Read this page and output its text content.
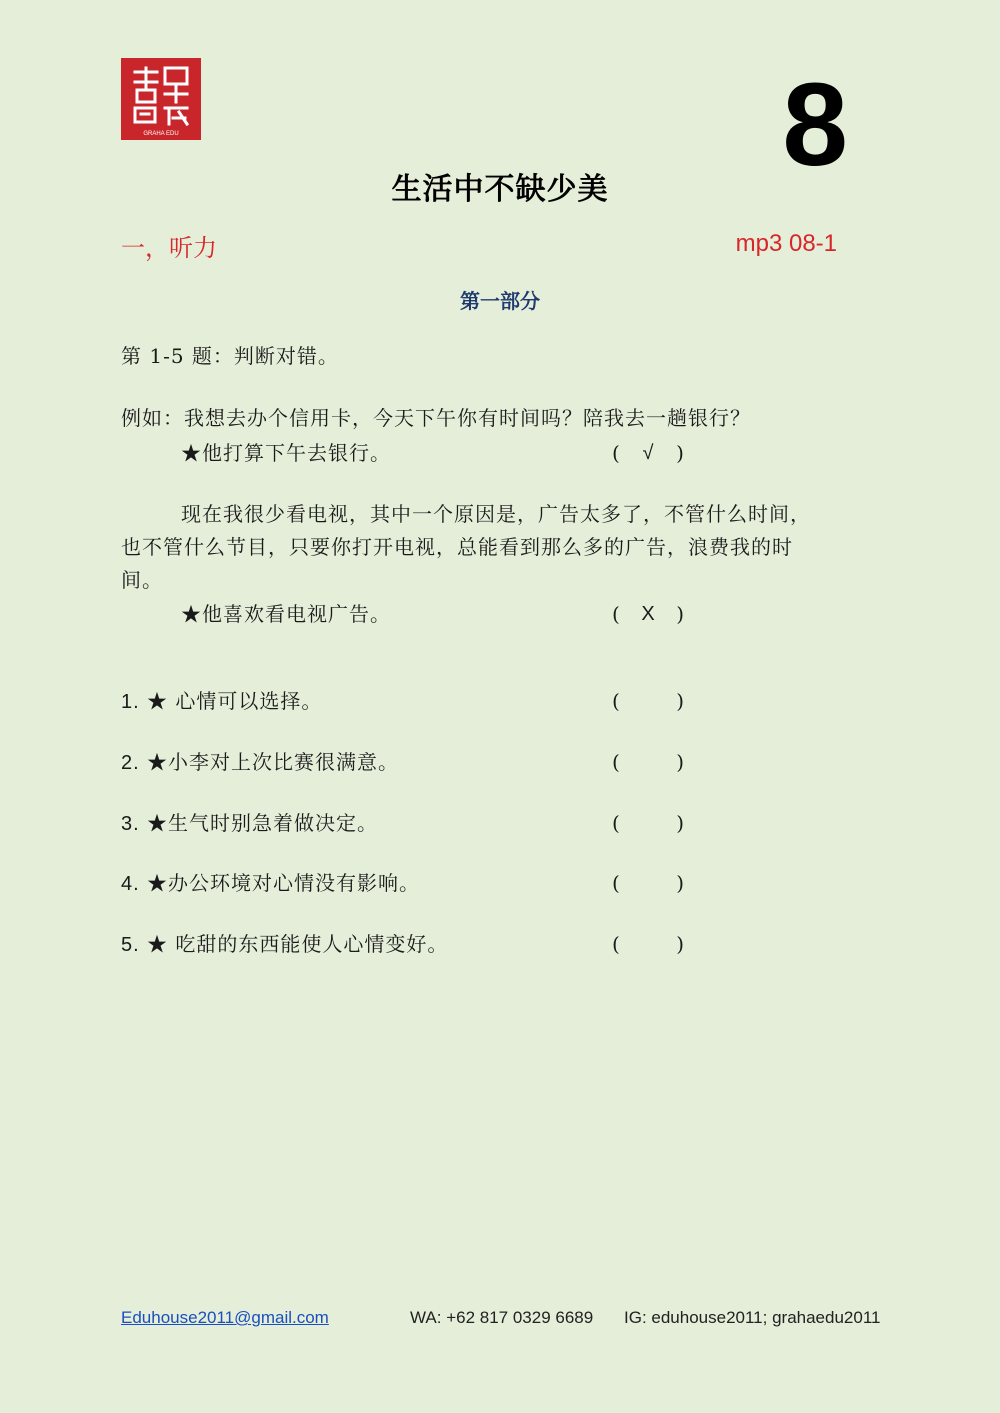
GRAHA EDU	8
生活中不缺少美
一，听力	mp3 08-1
第一部分
第 1-5 题：判断对错。
例如：我想去办个信用卡，今天下午你有时间吗？陪我去一趟银行？
★他打算下午去银行。	( √ )
现在我很少看电视，其中一个原因是，广告太多了，不管什么时间，
也不管什么节目，只要你打开电视，总能看到那么多的广告，浪费我的时
间。
★他喜欢看电视广告。	( X )
1. ★ 心情可以选择。	(	)
2. ★小李对上次比赛很满意。	(	)
3. ★生气时别急着做决定。	(	)
4. ★办公环境对心情没有影响。	(	)
5. ★ 吃甜的东西能使人心情变好。	(	)
Eduhouse2011@gmail.com	WA: +62 817 0329 6689 IG: eduhouse2011; grahaedu2011
